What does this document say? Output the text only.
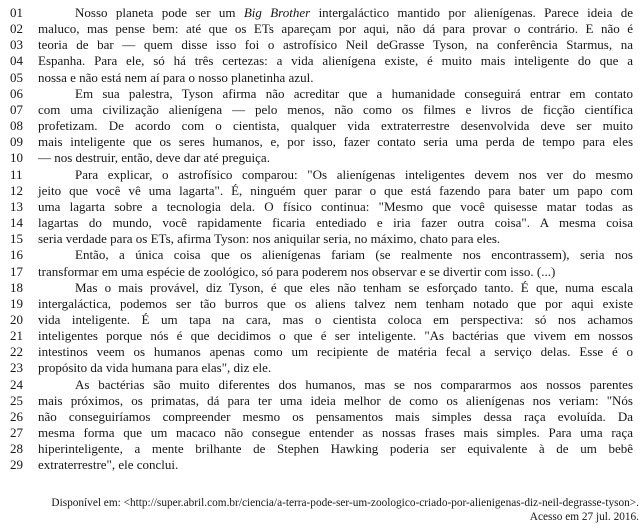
01	Nosso planeta pode ser um Big Brother intergaláctico mantido por alienígenas. Parece ideia de
02 maluco, mas pense bem: até que os ETs apareçam por aqui, não dá para provar o contrário. E não é
03 teoria de bar — quem disse isso foi o astrofísico Neil deGrasse Tyson, na conferência Starmus, na
04 Espanha. Para ele, só há três certezas: a vida alienígena existe, é muito mais inteligente do que a
05 nossa e não está nem aí para o nosso planetinha azul.
06	Em sua palestra, Tyson afirma não acreditar que a humanidade conseguirá entrar em contato
07 com uma civilização alienígena — pelo menos, não como os filmes e livros de ficção científica
08 profetizam. De acordo com o cientista, qualquer vida extraterrestre desenvolvida deve ser muito
09 mais inteligente que os seres humanos, e, por isso, fazer contato seria uma perda de tempo para eles
10 — nos destruir, então, deve dar até preguiça.
11	Para explicar, o astrofísico comparou: "Os alienígenas inteligentes devem nos ver do mesmo
12 jeito que você vê uma lagarta". É, ninguém quer parar o que está fazendo para bater um papo com
13 uma lagarta sobre a tecnologia dela. O físico continua: "Mesmo que você quisesse matar todas as
14 lagartas do mundo, você rapidamente ficaria entediado e iria fazer outra coisa". A mesma coisa
15 seria verdade para os ETs, afirma Tyson: nos aniquilar seria, no máximo, chato para eles.
16	Então, a única coisa que os alienígenas fariam (se realmente nos encontrassem), seria nos
17 transformar em uma espécie de zoológico, só para poderem nos observar e se divertir com isso. (...)
18	Mas o mais provável, diz Tyson, é que eles não tenham se esforçado tanto. É que, numa escala
19 intergaláctica, podemos ser tão burros que os aliens talvez nem tenham notado que por aqui existe
20 vida inteligente. É um tapa na cara, mas o cientista coloca em perspectiva: só nos achamos
21 inteligentes porque nós é que decidimos o que é ser inteligente. "As bactérias que vivem em nossos
22 intestinos veem os humanos apenas como um recipiente de matéria fecal a serviço delas. Esse é o
23 propósito da vida humana para elas", diz ele.
24	As bactérias são muito diferentes dos humanos, mas se nos compararmos aos nossos parentes
25 mais próximos, os primatas, dá para ter uma ideia melhor de como os alienígenas nos veriam: "Nós
26 não conseguiríamos compreender mesmo os pensamentos mais simples dessa raça evoluída. Da
27 mesma forma que um macaco não consegue entender as nossas frases mais simples. Para uma raça
28 hiperinteligente, a mente brilhante de Stephen Hawking poderia ser equivalente à de um bebê
29 extraterrestre", ele conclui.
Disponível em: <http://super.abril.com.br/ciencia/a-terra-pode-ser-um-zoologico-criado-por-alienigenas-diz-neil-degrasse-tyson>.
Acesso em 27 jul. 2016.
